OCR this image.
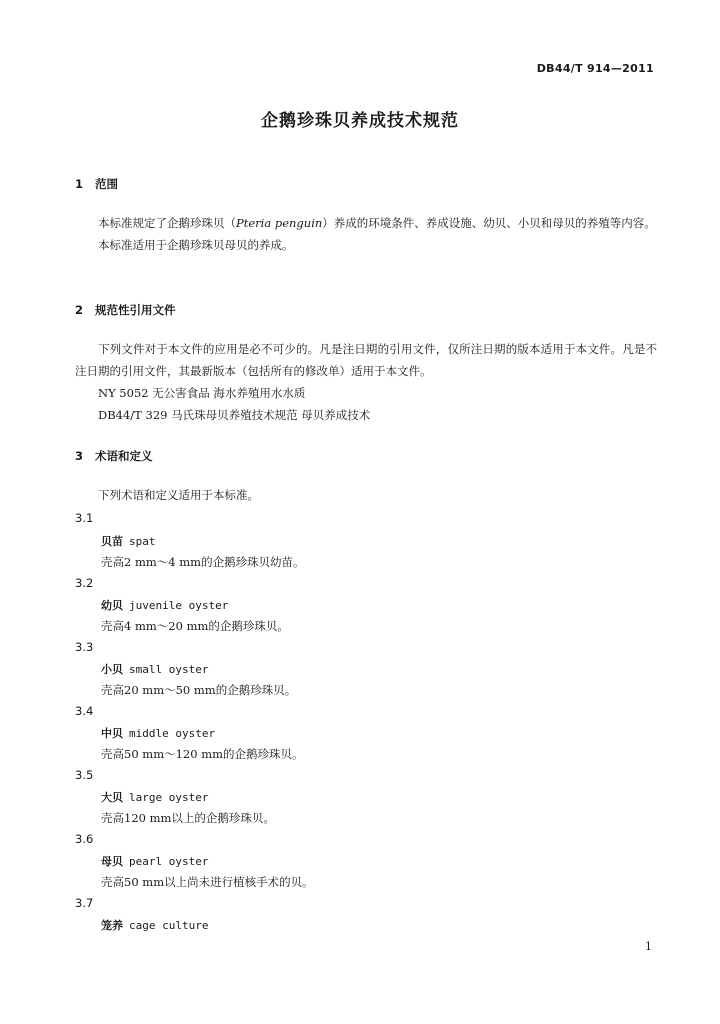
DB44/T 914—2011
企鹅珍珠贝养成技术规范
1 范围

本标准规定了企鹅珍珠贝（Pteria penguin）养成的环境条件、养成设施、幼贝、小贝和母贝的养殖等内容。

本标准适用于企鹅珍珠贝母贝的养成。

2 规范性引用文件

下列文件对于本文件的应用是必不可少的。凡是注日期的引用文件，仅所注日期的版本适用于本文件。凡是不注日期的引用文件，其最新版本（包括所有的修改单）适用于本文件。

NY 5052 无公害食品 海水养殖用水水质

DB44/T 329 马氏珠母贝养殖技术规范 母贝养成技术

3 术语和定义

下列术语和定义适用于本标准。

3.1
贝苗 spat
壳高2 mm～4 mm的企鹅珍珠贝幼苗。
3.2
幼贝 juvenile oyster
壳高4 mm～20 mm的企鹅珍珠贝。
3.3
小贝 small oyster
壳高20 mm～50 mm的企鹅珍珠贝。
3.4
中贝 middle oyster
壳高50 mm～120 mm的企鹅珍珠贝。
3.5
大贝 large oyster
壳高120 mm以上的企鹅珍珠贝。
3.6
母贝 pearl oyster
壳高50 mm以上尚未进行植核手术的贝。
3.7
笼养 cage culture
1
